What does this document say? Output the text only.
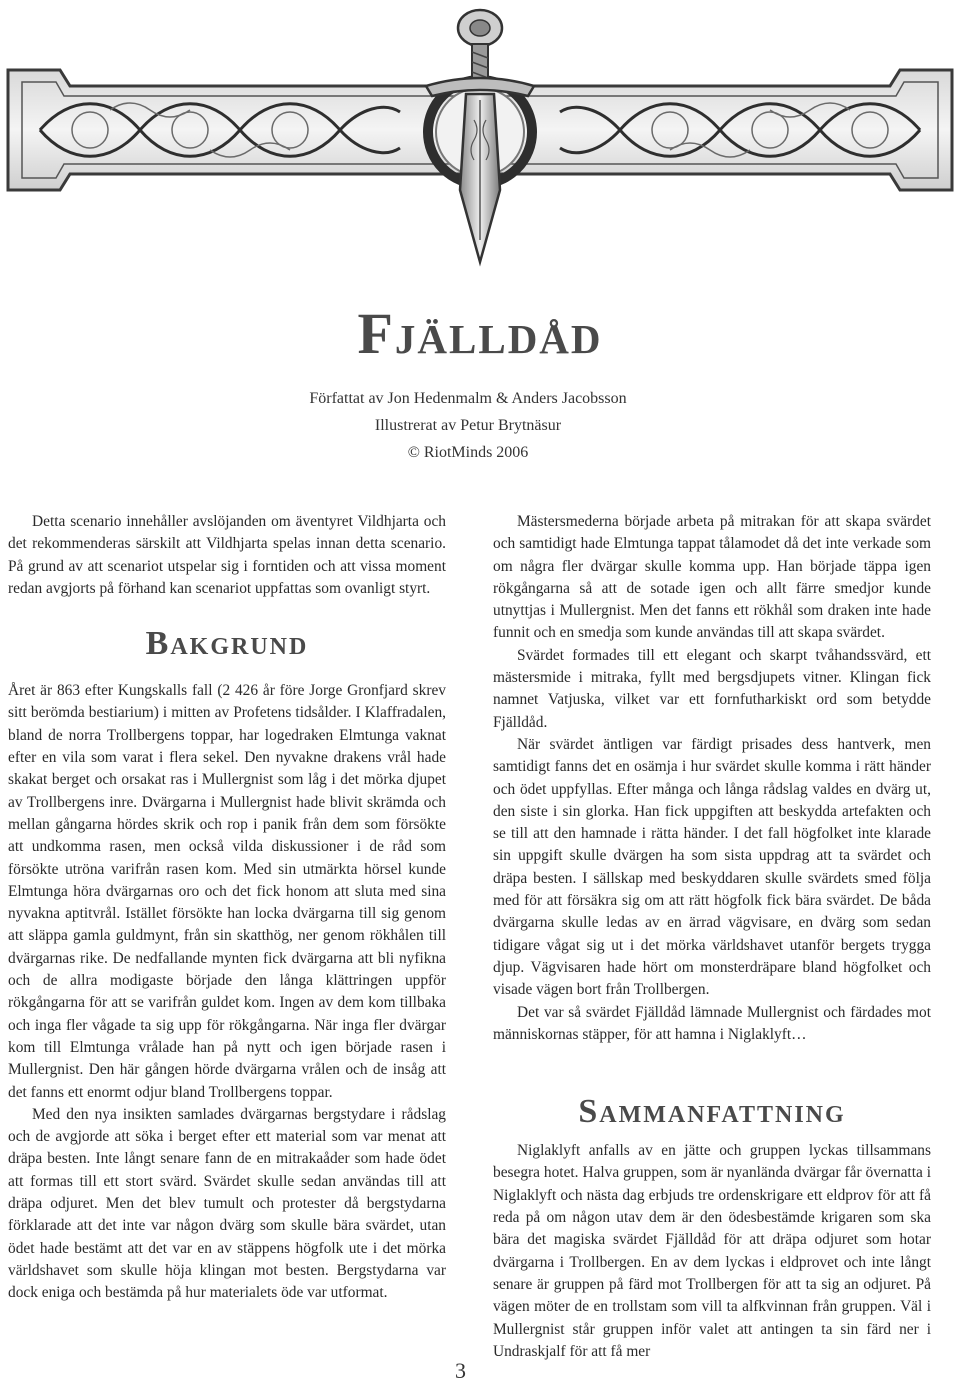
Fjälldåd
Författat av Jon Hedenmalm & Anders Jacobsson
Illustrerat av Petur Brytnäsur
© RiotMinds 2006

Detta scenario innehåller avslöjanden om äventyret Vildhjarta och det rekommenderas särskilt att Vildhjarta spelas innan detta scenario. På grund av att scenariot utspelar sig i forntiden och att vissa moment redan avgjorts på förhand kan scenariot uppfattas som ovanligt styrt.

Bakgrund

Året är 863 efter Kungskalls fall (2 426 år före Jorge Gronfjard skrev sitt berömda bestiarium) i mitten av Profetens tidsålder. I Klaffradalen, bland de norra Trollbergens toppar, har logedraken Elmtunga vaknat efter en vila som varat i flera sekel. Den nyvakne drakens vrål hade skakat berget och orsakat ras i Mullergnist som låg i det mörka djupet av Trollbergens inre. Dvärgarna i Mullergnist hade blivit skrämda och mellan gångarna hördes skrik och rop i panik från dem som försökte att undkomma rasen, men också vilda diskussioner i de råd som försökte utröna varifrån rasen kom. Med sin utmärkta hörsel kunde Elmtunga höra dvärgarnas oro och det fick honom att sluta med sina nyvakna aptitvrål. Istället försökte han locka dvärgarna till sig genom att släppa gamla guldmynt, från sin skatthög, ner genom rökhålen till dvärgarnas rike. De nedfallande mynten fick dvärgarna att bli nyfikna och de allra modigaste började den långa klättringen uppför rökgångarna för att se varifrån guldet kom. Ingen av dem kom tillbaka och inga fler vågade ta sig upp för rökgångarna. När inga fler dvärgar kom till Elmtunga vrålade han på nytt och igen började rasen i Mullergnist. Den här gången hörde dvärgarna vrålen och de insåg att det fanns ett enormt odjur bland Trollbergens toppar.

Med den nya insikten samlades dvärgarnas bergstydare i rådslag och de avgjorde att söka i berget efter ett material som var menat att dräpa besten. Inte långt senare fann de en mitrakaåder som hade ödet att formas till ett stort svärd. Svärdet skulle sedan användas till att dräpa odjuret. Men det blev tumult och protester då bergstydarna förklarade att det inte var någon dvärg som skulle bära svärdet, utan ödet hade bestämt att det var en av stäppens högfolk ute i det mörka världshavet som skulle höja klingan mot besten. Bergstydarna var dock eniga och bestämda på hur materialets öde var utformat.

Mästersmederna började arbeta på mitrakan för att skapa svärdet och samtidigt hade Elmtunga tappat tålamodet då det inte verkade som om några fler dvärgar skulle komma upp. Han började täppa igen rökgångarna så att de sotade igen och allt färre smedjor kunde utnyttjas i Mullergnist. Men det fanns ett rökhål som draken inte hade funnit och en smedja som kunde användas till att skapa svärdet.

Svärdet formades till ett elegant och skarpt tvåhandssvärd, ett mästersmide i mitraka, fyllt med bergsdjupets vitner. Klingan fick namnet Vatjuska, vilket var ett fornfutharkiskt ord som betydde Fjälldåd.

När svärdet äntligen var färdigt prisades dess hantverk, men samtidigt fanns det en osämja i hur svärdet skulle komma i rätt händer och ödet uppfyllas. Efter många och långa rådslag valdes en dvärg ut, den siste i sin glorka. Han fick uppgiften att beskydda artefakten och se till att den hamnade i rätta händer. I det fall högfolket inte klarade sin uppgift skulle dvärgen ha som sista uppdrag att ta svärdet och dräpa besten. I sällskap med beskyddaren skulle svärdets smed följa med för att försäkra sig om att rätt högfolk fick bära svärdet. De båda dvärgarna skulle ledas av en ärrad vägvisare, en dvärg som sedan tidigare vågat sig ut i det mörka världshavet utanför bergets trygga djup. Vägvisaren hade hört om monsterdräpare bland högfolket och visade vägen bort från Trollbergen.

Det var så svärdet Fjälldåd lämnade Mullergnist och färdades mot människornas stäpper, för att hamna i Niglaklyft…

Sammanfattning

Niglaklyft anfalls av en jätte och gruppen lyckas tillsammans besegra hotet. Halva gruppen, som är nyanlända dvärgar får övernatta i Niglaklyft och nästa dag erbjuds tre ordenskrigare ett eldprov för att få reda på om någon utav dem är den ödesbestämde krigaren som ska bära det magiska svärdet Fjälldåd för att dräpa odjuret som hotar dvärgarna i Trollbergen. En av dem lyckas i eldprovet och inte långt senare är gruppen på färd mot Trollbergen för att ta sig an odjuret. På vägen möter de en trollstam som vill ta alfkvinnan från gruppen. Väl i Mullergnist står gruppen inför valet att antingen ta sin färd ner i Undraskjalf för att få mer

3
